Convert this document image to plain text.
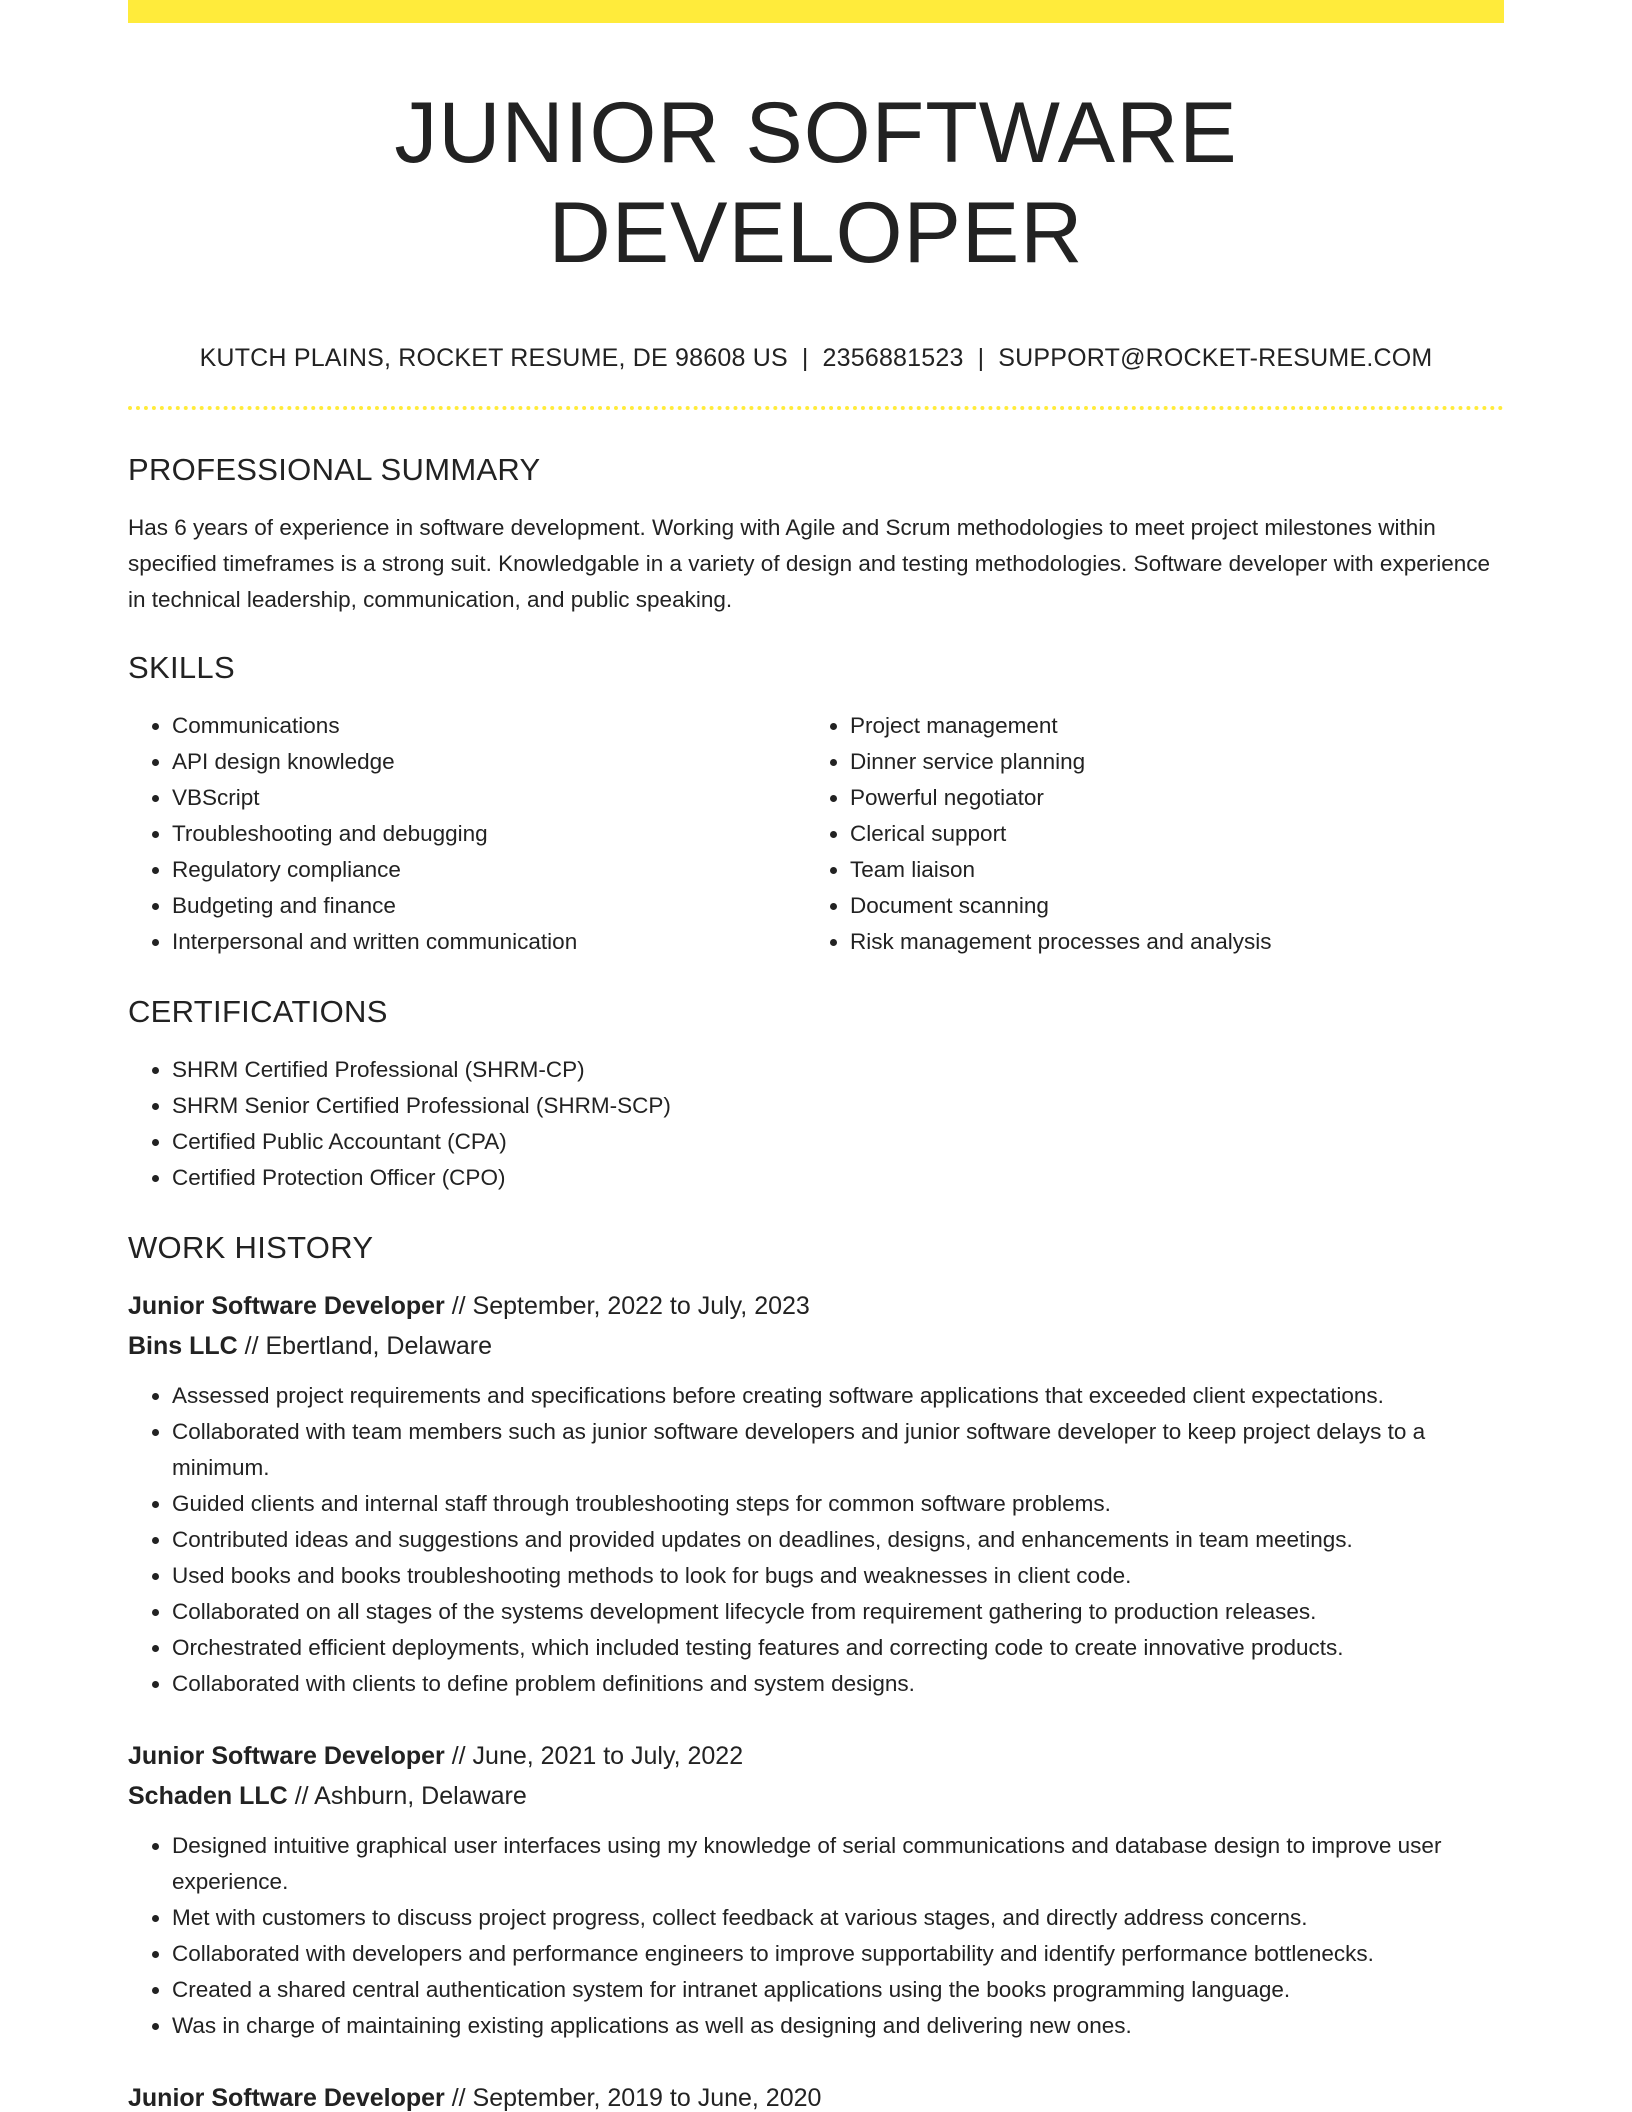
JUNIOR SOFTWARE DEVELOPER
KUTCH PLAINS, ROCKET RESUME, DE 98608 US | 2356881523 | SUPPORT@ROCKET-RESUME.COM
PROFESSIONAL SUMMARY
Has 6 years of experience in software development. Working with Agile and Scrum methodologies to meet project milestones within specified timeframes is a strong suit. Knowledgable in a variety of design and testing methodologies. Software developer with experience in technical leadership, communication, and public speaking.
SKILLS
• Communications
• API design knowledge
• VBScript
• Troubleshooting and debugging
• Regulatory compliance
• Budgeting and finance
• Interpersonal and written communication
• Project management
• Dinner service planning
• Powerful negotiator
• Clerical support
• Team liaison
• Document scanning
• Risk management processes and analysis
CERTIFICATIONS
• SHRM Certified Professional (SHRM-CP)
• SHRM Senior Certified Professional (SHRM-SCP)
• Certified Public Accountant (CPA)
• Certified Protection Officer (CPO)
WORK HISTORY
Junior Software Developer // September, 2022 to July, 2023
Bins LLC // Ebertland, Delaware
• Assessed project requirements and specifications before creating software applications that exceeded client expectations.
• Collaborated with team members such as junior software developers and junior software developer to keep project delays to a minimum.
• Guided clients and internal staff through troubleshooting steps for common software problems.
• Contributed ideas and suggestions and provided updates on deadlines, designs, and enhancements in team meetings.
• Used books and books troubleshooting methods to look for bugs and weaknesses in client code.
• Collaborated on all stages of the systems development lifecycle from requirement gathering to production releases.
• Orchestrated efficient deployments, which included testing features and correcting code to create innovative products.
• Collaborated with clients to define problem definitions and system designs.
Junior Software Developer // June, 2021 to July, 2022
Schaden LLC // Ashburn, Delaware
• Designed intuitive graphical user interfaces using my knowledge of serial communications and database design to improve user experience.
• Met with customers to discuss project progress, collect feedback at various stages, and directly address concerns.
• Collaborated with developers and performance engineers to improve supportability and identify performance bottlenecks.
• Created a shared central authentication system for intranet applications using the books programming language.
• Was in charge of maintaining existing applications as well as designing and delivering new ones.
Junior Software Developer // September, 2019 to June, 2020
